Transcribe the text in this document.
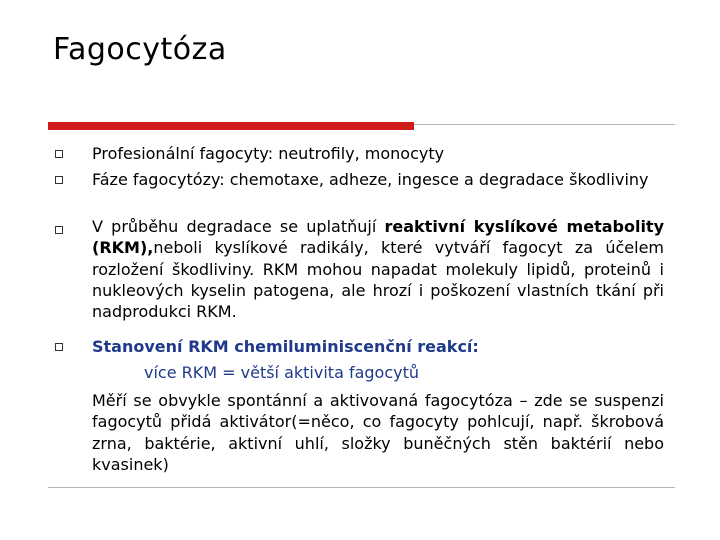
Fagocytóza
Profesionální fagocyty: neutrofily, monocyty
Fáze fagocytózy: chemotaxe, adheze, ingesce a degradace škodliviny
V průběhu degradace se uplatňují reaktivní kyslíkové metabolity (RKM),neboli kyslíkové radikály, které vytváří fagocyt za účelem rozložení škodliviny. RKM mohou napadat molekuly lipidů, proteinů i nukleových kyselin patogena, ale hrozí i poškození vlastních tkání při nadprodukci RKM.
Stanovení RKM chemiluminiscenční reakcí:
více RKM = větší aktivita fagocytů
Měří se obvykle spontánní a aktivovaná fagocytóza – zde se suspenzi fagocytů přidá aktivátor(=něco, co fagocyty pohlcují, např. škrobová zrna, baktérie, aktivní uhlí, složky buněčných stěn baktérií nebo kvasinek)
